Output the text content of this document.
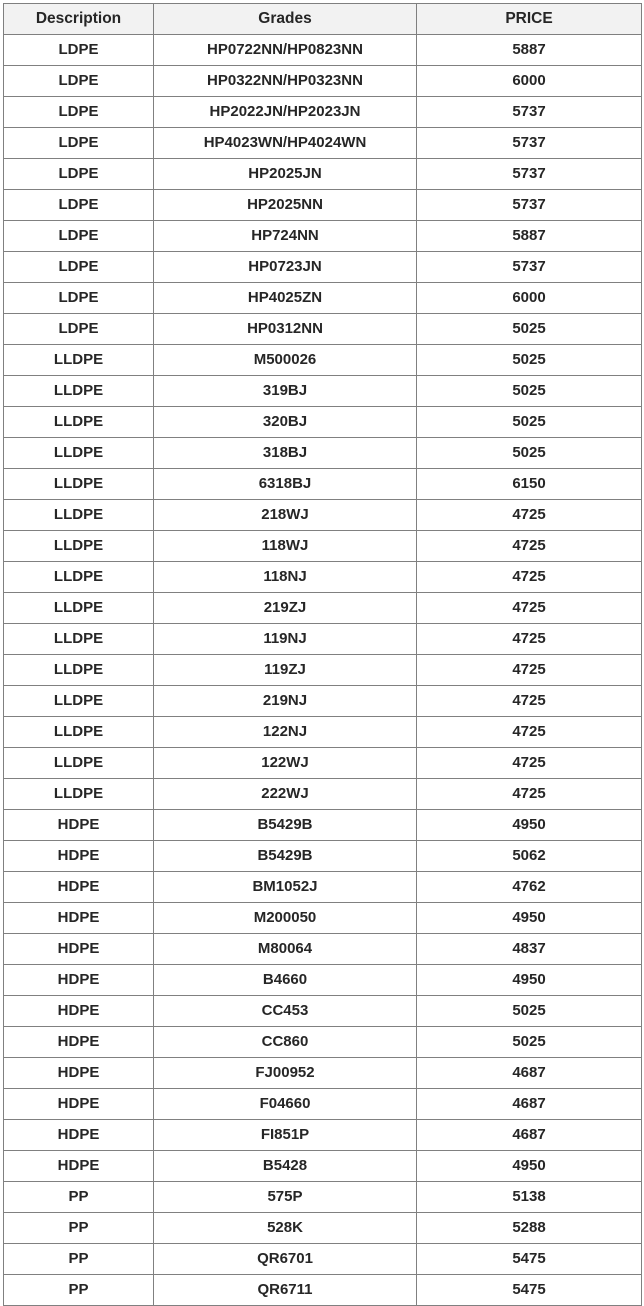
Description	Grades	PRICE
LDPE	HP0722NN/HP0823NN	5887
LDPE	HP0322NN/HP0323NN	6000
LDPE	HP2022JN/HP2023JN	5737
LDPE	HP4023WN/HP4024WN	5737
LDPE	HP2025JN	5737
LDPE	HP2025NN	5737
LDPE	HP724NN	5887
LDPE	HP0723JN	5737
LDPE	HP4025ZN	6000
LDPE	HP0312NN	5025
LLDPE	M500026	5025
LLDPE	319BJ	5025
LLDPE	320BJ	5025
LLDPE	318BJ	5025
LLDPE	6318BJ	6150
LLDPE	218WJ	4725
LLDPE	118WJ	4725
LLDPE	118NJ	4725
LLDPE	219ZJ	4725
LLDPE	119NJ	4725
LLDPE	119ZJ	4725
LLDPE	219NJ	4725
LLDPE	122NJ	4725
LLDPE	122WJ	4725
LLDPE	222WJ	4725
HDPE	B5429B	4950
HDPE	B5429B	5062
HDPE	BM1052J	4762
HDPE	M200050	4950
HDPE	M80064	4837
HDPE	B4660	4950
HDPE	CC453	5025
HDPE	CC860	5025
HDPE	FJ00952	4687
HDPE	F04660	4687
HDPE	FI851P	4687
HDPE	B5428	4950
PP	575P	5138
PP	528K	5288
PP	QR6701	5475
PP	QR6711	5475
